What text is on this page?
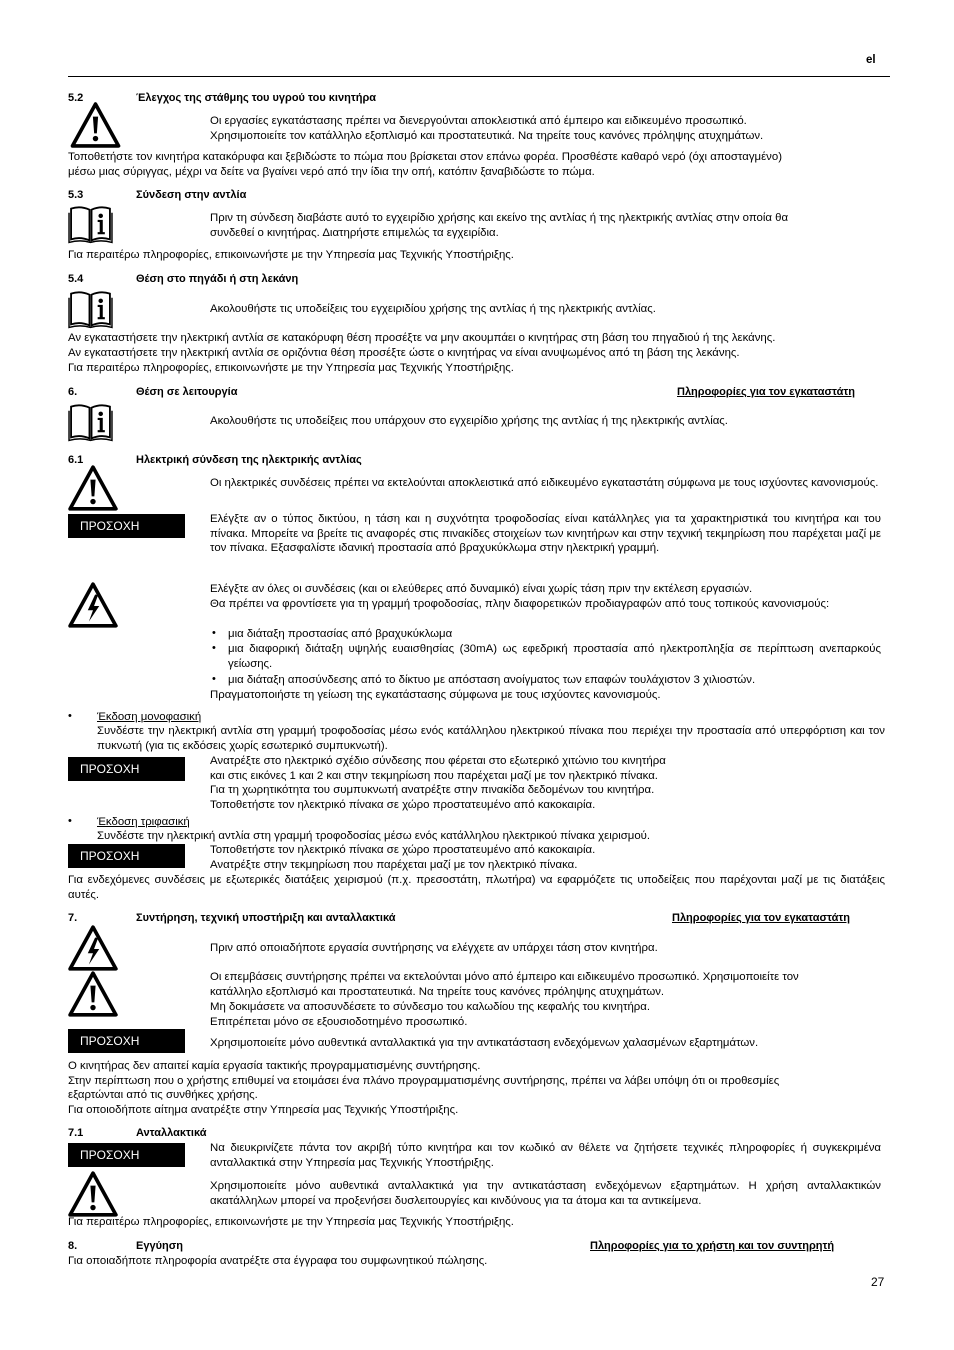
el
5.2	Έλεγχος της στάθμης του υγρού του κινητήρα
Οι εργασίες εγκατάστασης πρέπει να διενεργούνται αποκλειστικά από έμπειρο και ειδικευμένο προσωπικό.
Χρησιμοποιείτε τον κατάλληλο εξοπλισμό και προστατευτικά. Να τηρείτε τους κανόνες πρόληψης ατυχημάτων.
Τοποθετήστε τον κινητήρα κατακόρυφα και ξεβιδώστε το πώμα που βρίσκεται στον επάνω φορέα. Προσθέστε καθαρό νερό (όχι αποσταγμένο)
μέσω μιας σύριγγας, μέχρι να δείτε να βγαίνει νερό από την ίδια την οπή, κατόπιν ξαναβιδώστε το πώμα.
5.3	Σύνδεση στην αντλία
Πριν τη σύνδεση διαβάστε αυτό το εγχειρίδιο χρήσης και εκείνο της αντλίας ή της ηλεκτρικής αντλίας στην οποία θα
συνδεθεί ο κινητήρας. Διατηρήστε επιμελώς τα εγχειρίδια.
Για περαιτέρω πληροφορίες, επικοινωνήστε με την Υπηρεσία μας Τεχνικής Υποστήριξης.
5.4	Θέση στο πηγάδι ή στη λεκάνη
Ακολουθήστε τις υποδείξεις του εγχειριδίου χρήσης της αντλίας ή της ηλεκτρικής αντλίας.
Αν εγκαταστήσετε την ηλεκτρική αντλία σε κατακόρυφη θέση προσέξτε να μην ακουμπάει ο κινητήρας στη βάση του πηγαδιού ή της λεκάνης.
Αν εγκαταστήσετε την ηλεκτρική αντλία σε οριζόντια θέση προσέξτε ώστε ο κινητήρας να είναι ανυψωμένος από τη βάση της λεκάνης.
Για περαιτέρω πληροφορίες, επικοινωνήστε με την Υπηρεσία μας Τεχνικής Υποστήριξης.
6.	Θέση σε λειτουργία	Πληροφορίες για τον εγκαταστάτη
Ακολουθήστε τις υποδείξεις που υπάρχουν στο εγχειρίδιο χρήσης της αντλίας ή της ηλεκτρικής αντλίας.
6.1	Ηλεκτρική σύνδεση της ηλεκτρικής αντλίας
Οι ηλεκτρικές συνδέσεις πρέπει να εκτελούνται αποκλειστικά από ειδικευμένο εγκαταστάτη σύμφωνα με τους ισχύοντες κανονισμούς.
ΠΡΟΣΟΧΗ	Ελέγξτε αν ο τύπος δικτύου, η τάση και η συχνότητα τροφοδοσίας είναι κατάλληλες για τα χαρακτηριστικά του κινητήρα και του πίνακα. Μπορείτε να βρείτε τις αναφορές στις πινακίδες στοιχείων των κινητήρων και στην τεχνική τεκμηρίωση που παρέχεται μαζί με τον πίνακα. Εξασφαλίστε ιδανική προστασία από βραχυκύκλωμα στην ηλεκτρική γραμμή.
Ελέγξτε αν όλες οι συνδέσεις (και οι ελεύθερες από δυναμικό) είναι χωρίς τάση πριν την εκτέλεση εργασιών.
Θα πρέπει να φροντίσετε για τη γραμμή τροφοδοσίας, πλην διαφορετικών προδιαγραφών από τους τοπικούς κανονισμούς:
• μια διάταξη προστασίας από βραχυκύκλωμα
• μια διαφορική διάταξη υψηλής ευαισθησίας (30mA) ως εφεδρική προστασία από ηλεκτροπληξία σε περίπτωση ανεπαρκούς γείωσης.
• μια διάταξη αποσύνδεσης από το δίκτυο με απόσταση ανοίγματος των επαφών τουλάχιστον 3 χιλιοστών.
Πραγματοποιήστε τη γείωση της εγκατάστασης σύμφωνα με τους ισχύοντες κανονισμούς.
• Έκδοση μονοφασική
Συνδέστε την ηλεκτρική αντλία στη γραμμή τροφοδοσίας μέσω ενός κατάλληλου ηλεκτρικού πίνακα που περιέχει την προστασία από υπερφόρτιση και τον πυκνωτή (για τις εκδόσεις χωρίς εσωτερικό συμπυκνωτή).
ΠΡΟΣΟΧΗ
Ανατρέξτε στο ηλεκτρικό σχέδιο σύνδεσης που φέρεται στο εξωτερικό χιτώνιο του κινητήρα
και στις εικόνες 1 και 2 και στην τεκμηρίωση που παρέχεται μαζί με τον ηλεκτρικό πίνακα.
Για τη χωρητικότητα του συμπυκνωτή ανατρέξτε στην πινακίδα δεδομένων του κινητήρα.
Τοποθετήστε τον ηλεκτρικό πίνακα σε χώρο προστατευμένο από κακοκαιρία.
• Έκδοση τριφασική
Συνδέστε την ηλεκτρική αντλία στη γραμμή τροφοδοσίας μέσω ενός κατάλληλου ηλεκτρικού πίνακα χειρισμού.
ΠΡΟΣΟΧΗ	Τοποθετήστε τον ηλεκτρικό πίνακα σε χώρο προστατευμένο από κακοκαιρία.
Ανατρέξτε στην τεκμηρίωση που παρέχεται μαζί με τον ηλεκτρικό πίνακα.
Για ενδεχόμενες συνδέσεις με εξωτερικές διατάξεις χειρισμού (π.χ. πρεσοστάτη, πλωτήρα) να εφαρμόζετε τις υποδείξεις που παρέχονται μαζί με τις διατάξεις αυτές.
7.	Συντήρηση, τεχνική υποστήριξη και ανταλλακτικά	Πληροφορίες για τον εγκαταστάτη
Πριν από οποιαδήποτε εργασία συντήρησης να ελέγχετε αν υπάρχει τάση στον κινητήρα.
Οι επεμβάσεις συντήρησης πρέπει να εκτελούνται μόνο από έμπειρο και ειδικευμένο προσωπικό. Χρησιμοποιείτε τον
κατάλληλο εξοπλισμό και προστατευτικά. Να τηρείτε τους κανόνες πρόληψης ατυχημάτων.
Μη δοκιμάσετε να αποσυνδέσετε το σύνδεσμο του καλωδίου της κεφαλής του κινητήρα.
Επιτρέπεται μόνο σε εξουσιοδοτημένο προσωπικό.
ΠΡΟΣΟΧΗ	Χρησιμοποιείτε μόνο αυθεντικά ανταλλακτικά για την αντικατάσταση ενδεχόμενων χαλασμένων εξαρτημάτων.
Ο κινητήρας δεν απαιτεί καμία εργασία τακτικής προγραμματισμένης συντήρησης.
Στην περίπτωση που ο χρήστης επιθυμεί να ετοιμάσει ένα πλάνο προγραμματισμένης συντήρησης, πρέπει να λάβει υπόψη ότι οι προθεσμίες
εξαρτώνται από τις συνθήκες χρήσης.
Για οποιοδήποτε αίτημα ανατρέξτε στην Υπηρεσία μας Τεχνικής Υποστήριξης.
7.1	Ανταλλακτικά
ΠΡΟΣΟΧΗ	Να διευκρινίζετε πάντα τον ακριβή τύπο κινητήρα και τον κωδικό αν θέλετε να ζητήσετε τεχνικές πληροφορίες ή συγκεκριμένα ανταλλακτικά στην Υπηρεσία μας Τεχνικής Υποστήριξης.
Χρησιμοποιείτε μόνο αυθεντικά ανταλλακτικά για την αντικατάσταση ενδεχόμενων εξαρτημάτων. Η χρήση ανταλλακτικών ακατάλληλων μπορεί να προξενήσει δυσλειτουργίες και κινδύνους για τα άτομα και τα αντικείμενα.
Για περαιτέρω πληροφορίες, επικοινωνήστε με την Υπηρεσία μας Τεχνικής Υποστήριξης.
8.	Εγγύηση	Πληροφορίες για το χρήστη και τον συντηρητή
Για οποιαδήποτε πληροφορία ανατρέξτε στα έγγραφα του συμφωνητικού πώλησης.
27
